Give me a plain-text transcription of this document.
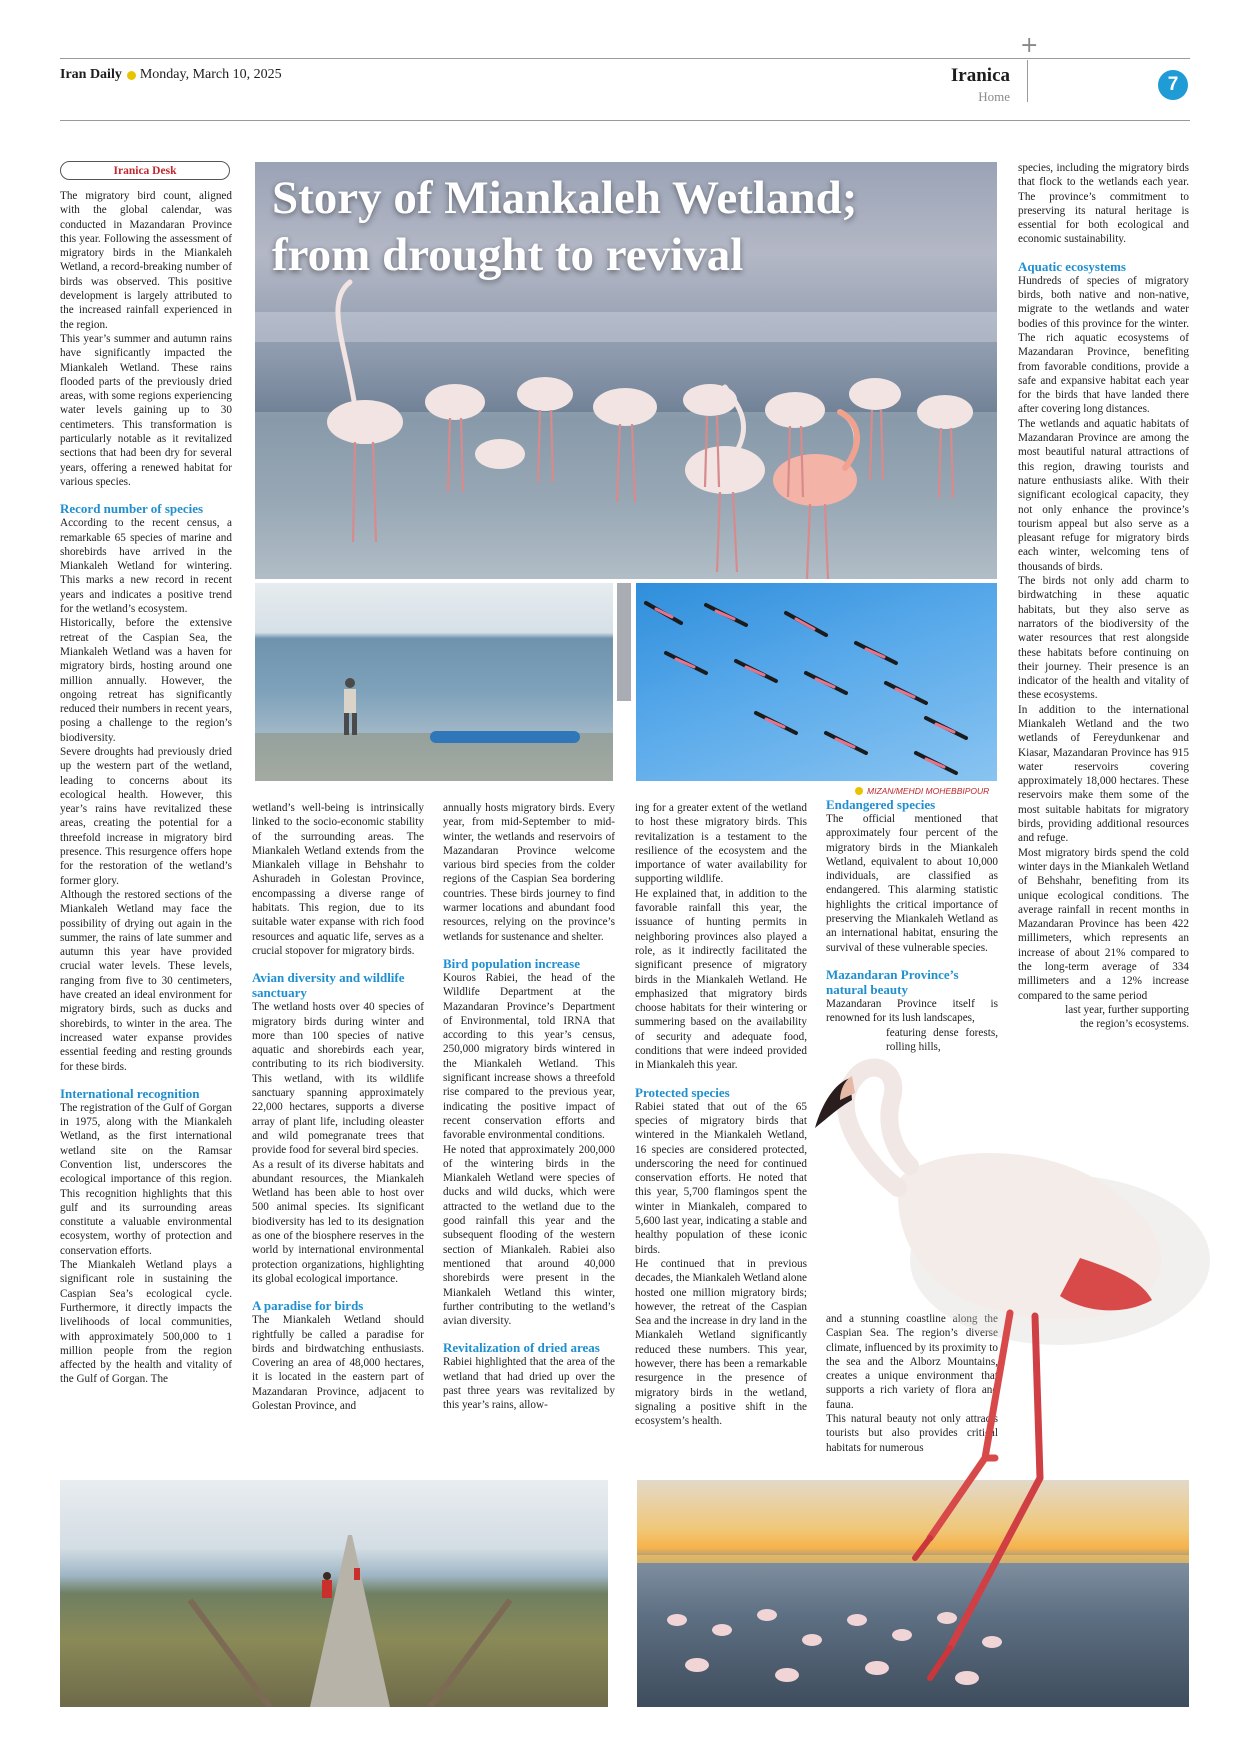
+
Iran Daily Monday, March 10, 2025	Iranica
Home
7
Iranica Desk
Story of Miankaleh Wetland;
from drought to revival
MIZAN/MEHDI MOHEBBIPOUR

The migratory bird count, aligned with the global calendar, was conducted in Mazandaran Province this year. Following the assessment of migratory birds in the Miankaleh Wetland, a record-breaking number of birds was observed. This positive development is largely attributed to the increased rainfall experienced in the region.

This year’s summer and autumn rains have significantly impacted the Miankaleh Wetland. These rains flooded parts of the previously dried areas, with some regions experiencing water levels gaining up to 30 centimeters. This transformation is particularly notable as it revitalized sections that had been dry for several years, offering a renewed habitat for various species.

Record number of species

According to the recent census, a remarkable 65 species of marine and shorebirds have arrived in the Miankaleh Wetland for wintering. This marks a new record in recent years and indicates a positive trend for the wetland’s ecosystem.

Historically, before the extensive retreat of the Caspian Sea, the Miankaleh Wetland was a haven for migratory birds, hosting around one million annually. However, the ongoing retreat has significantly reduced their numbers in recent years, posing a challenge to the region’s biodiversity.

Severe droughts had previously dried up the western part of the wetland, leading to concerns about its ecological health. However, this year’s rains have revitalized these areas, creating the potential for a threefold increase in migratory bird presence. This resurgence offers hope for the restoration of the wetland’s former glory.

Although the restored sections of the Miankaleh Wetland may face the possibility of drying out again in the summer, the rains of late summer and autumn this year have provided crucial water levels. These levels, ranging from five to 30 centimeters, have created an ideal environment for migratory birds, such as ducks and shorebirds, to winter in the area. The increased water expanse provides essential feeding and resting grounds for these birds.

International recognition

The registration of the Gulf of Gorgan in 1975, along with the Miankaleh Wetland, as the first international wetland site on the Ramsar Convention list, underscores the ecological importance of this region. This recognition highlights that this gulf and its surrounding areas constitute a valuable environmental ecosystem, worthy of protection and conservation efforts.

The Miankaleh Wetland plays a significant role in sustaining the Caspian Sea’s ecological cycle. Furthermore, it directly impacts the livelihoods of local communities, with approximately 500,000 to 1 million people from the region affected by the health and vitality of the Gulf of Gorgan. The

wetland’s well-being is intrinsically linked to the socio-economic stability of the surrounding areas. The Miankaleh Wetland extends from the Miankaleh village in Behshahr to Ashuradeh in Golestan Province, encompassing a diverse range of habitats. This region, due to its suitable water expanse with rich food resources and aquatic life, serves as a crucial stopover for migratory birds.

Avian diversity and wildlife sanctuary

The wetland hosts over 40 species of migratory birds during winter and more than 100 species of native aquatic and shorebirds each year, contributing to its rich biodiversity. This wetland, with its wildlife sanctuary spanning approximately 22,000 hectares, supports a diverse array of plant life, including oleaster and wild pomegranate trees that provide food for several bird species.

As a result of its diverse habitats and abundant resources, the Miankaleh Wetland has been able to host over 500 animal species. Its significant biodiversity has led to its designation as one of the biosphere reserves in the world by international environmental protection organizations, highlighting its global ecological importance.

A paradise for birds

The Miankaleh Wetland should rightfully be called a paradise for birds and birdwatching enthusiasts. Covering an area of 48,000 hectares, it is located in the eastern part of Mazandaran Province, adjacent to Golestan Province, and

annually hosts migratory birds. Every year, from mid-September to mid-winter, the wetlands and reservoirs of Mazandaran Province welcome various bird species from the colder regions of the Caspian Sea bordering countries. These birds journey to find warmer locations and abundant food resources, relying on the province’s wetlands for sustenance and shelter.

Bird population increase

Kouros Rabiei, the head of the Wildlife Department at the Mazandaran Province’s Department of Environmental, told IRNA that according to this year’s census, 250,000 migratory birds wintered in the Miankaleh Wetland. This significant increase shows a threefold rise compared to the previous year, indicating the positive impact of recent conservation efforts and favorable environmental conditions.

He noted that approximately 200,000 of the wintering birds in the Miankaleh Wetland were species of ducks and wild ducks, which were attracted to the wetland due to the good rainfall this year and the subsequent flooding of the western section of Miankaleh. Rabiei also mentioned that around 40,000 shorebirds were present in the Miankaleh Wetland this winter, further contributing to the wetland’s avian diversity.

Revitalization of dried areas

Rabiei highlighted that the area of the wetland that had dried up over the past three years was revitalized by this year’s rains, allow-

ing for a greater extent of the wetland to host these migratory birds. This revitalization is a testament to the resilience of the ecosystem and the importance of water availability for supporting wildlife.

He explained that, in addition to the favorable rainfall this year, the issuance of hunting permits in neighboring provinces also played a role, as it indirectly facilitated the significant presence of migratory birds in the Miankaleh Wetland. He emphasized that migratory birds choose habitats for their wintering or summering based on the availability of security and adequate food, conditions that were indeed provided in Miankaleh this year.

Protected species

Rabiei stated that out of the 65 species of migratory birds that wintered in the Miankaleh Wetland, 16 species are considered protected, underscoring the need for continued conservation efforts. He noted that this year, 5,700 flamingos spent the winter in Miankaleh, compared to 5,600 last year, indicating a stable and healthy population of these iconic birds.

He continued that in previous decades, the Miankaleh Wetland alone hosted one million migratory birds; however, the retreat of the Caspian Sea and the increase in dry land in the Miankaleh Wetland significantly reduced these numbers. This year, however, there has been a remarkable resurgence in the presence of migratory birds in the wetland, signaling a positive shift in the ecosystem’s health.

Endangered species

The official mentioned that approximately four percent of the migratory birds in the Miankaleh Wetland, equivalent to about 10,000 individuals, are classified as endangered. This alarming statistic highlights the critical importance of preserving the Miankaleh Wetland as an international habitat, ensuring the survival of these vulnerable species.

Mazandaran Province’s natural beauty

Mazandaran Province itself is renowned for its lush landscapes,

featuring dense forests, rolling hills,

and a stunning coastline along the Caspian Sea. The region’s diverse climate, influenced by its proximity to the sea and the Alborz Mountains, creates a unique environment that supports a rich variety of flora and fauna.

This natural beauty not only attracts tourists but also provides critical habitats for numerous

species, including the migratory birds that flock to the wetlands each year. The province’s commitment to preserving its natural heritage is essential for both ecological and economic sustainability.

Aquatic ecosystems

Hundreds of species of migratory birds, both native and non-native, migrate to the wetlands and water bodies of this province for the winter. The rich aquatic ecosystems of Mazandaran Province, benefiting from favorable conditions, provide a safe and expansive habitat each year for the birds that have landed there after covering long distances.

The wetlands and aquatic habitats of Mazandaran Province are among the most beautiful natural attractions of this region, drawing tourists and nature enthusiasts alike. With their significant ecological capacity, they not only enhance the province’s tourism appeal but also serve as a pleasant refuge for migratory birds each winter, welcoming tens of thousands of birds.

The birds not only add charm to birdwatching in these aquatic habitats, but they also serve as narrators of the biodiversity of the water resources that rest alongside these habitats before continuing on their journey. Their presence is an indicator of the health and vitality of these ecosystems.

In addition to the international Miankaleh Wetland and the two wetlands of Fereydunkenar and Kiasar, Mazandaran Province has 915 water reservoirs covering approximately 18,000 hectares. These reservoirs make them some of the most suitable habitats for migratory birds, providing additional resources and refuge.

Most migratory birds spend the cold winter days in the Miankaleh Wetland of Behshahr, benefiting from its unique ecological conditions. The average rainfall in recent months in Mazandaran Province has been 422 millimeters, which represents an increase of about 21% compared to the long-term average of 334 millimeters and a 12% increase compared to the same period

last year, further supporting the region’s ecosystems.
